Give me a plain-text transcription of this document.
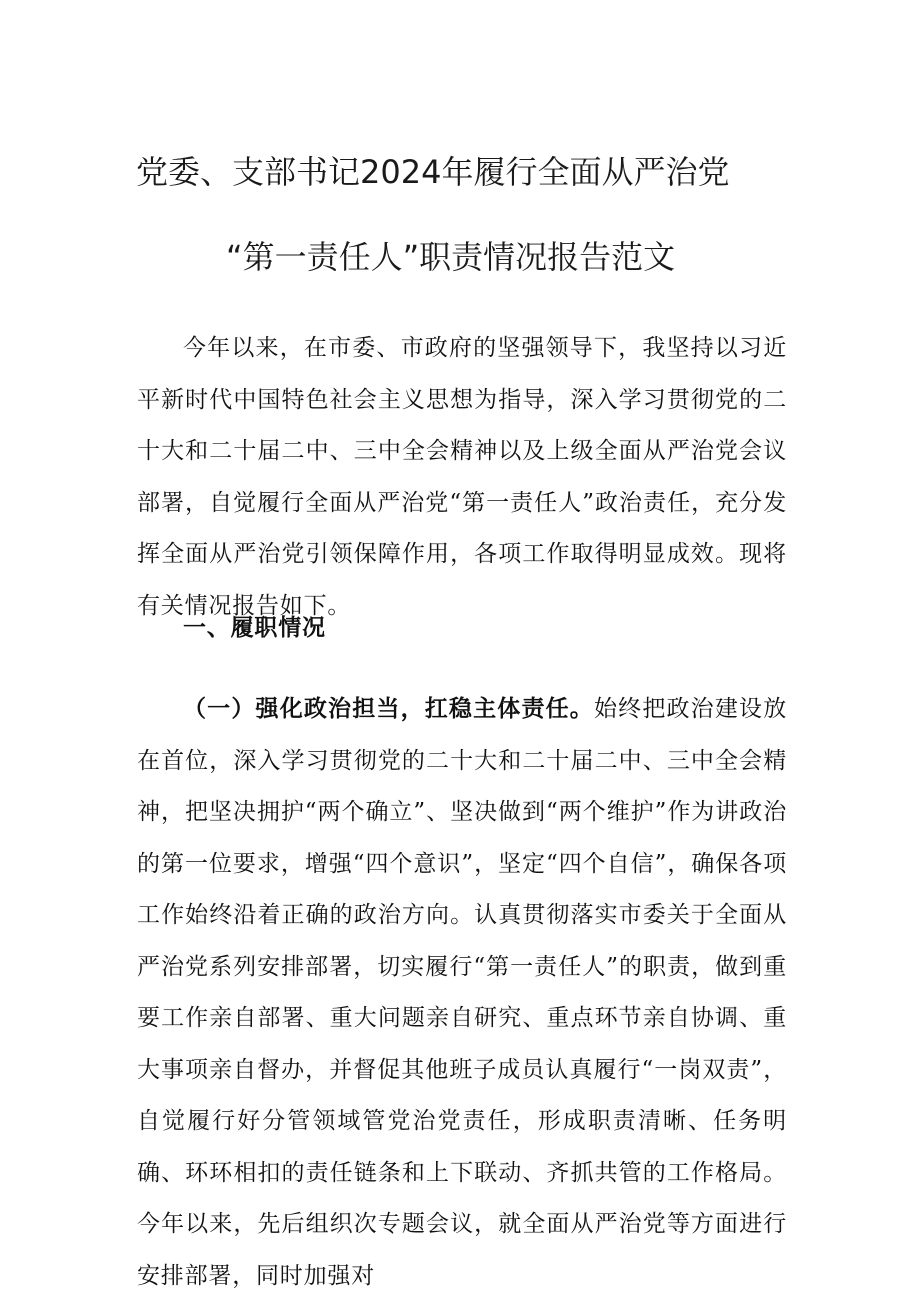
党委、支部书记2024年履行全面从严治党
“第一责任人”职责情况报告范文

今年以来，在市委、市政府的坚强领导下，我坚持以习近平新时代中国特色社会主义思想为指导，深入学习贯彻党的二十大和二十届二中、三中全会精神以及上级全面从严治党会议部署，自觉履行全面从严治党“第一责任人”政治责任，充分发挥全面从严治党引领保障作用，各项工作取得明显成效。现将有关情况报告如下。

一、履职情况

（一）强化政治担当，扛稳主体责任。始终把政治建设放在首位，深入学习贯彻党的二十大和二十届二中、三中全会精神，把坚决拥护“两个确立”、坚决做到“两个维护”作为讲政治的第一位要求，增强“四个意识”，坚定“四个自信”，确保各项工作始终沿着正确的政治方向。认真贯彻落实市委关于全面从严治党系列安排部署，切实履行“第一责任人”的职责，做到重要工作亲自部署、重大问题亲自研究、重点环节亲自协调、重大事项亲自督办，并督促其他班子成员认真履行“一岗双责”，自觉履行好分管领域管党治党责任，形成职责清晰、任务明确、环环相扣的责任链条和上下联动、齐抓共管的工作格局。今年以来，先后组织次专题会议，就全面从严治党等方面进行安排部署，同时加强对
